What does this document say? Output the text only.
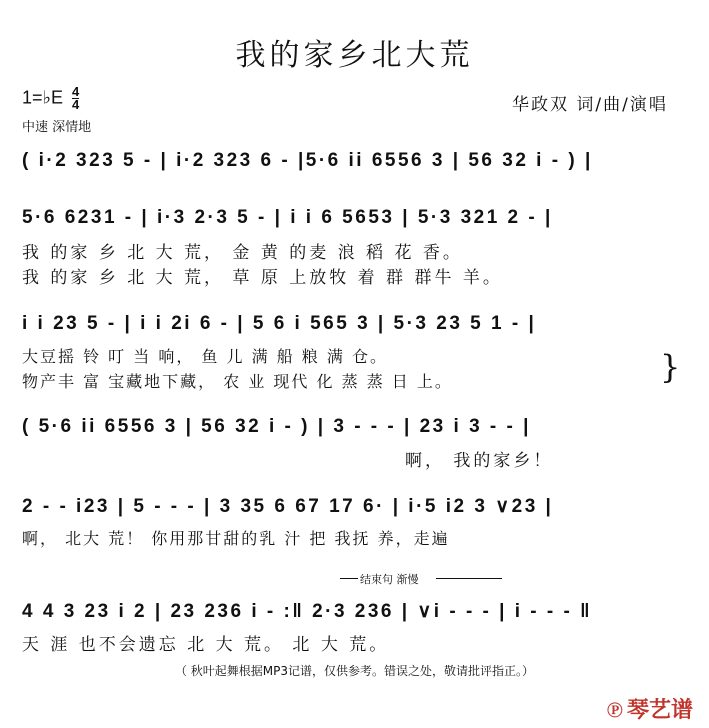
我的家乡北大荒
1=♭E $\frac{4}{4}$
中速 深情地
华政双 词/曲/演唱
( i·2 323 5 - | i·2 323 6 - |5·6 ii 6556 3 | 56 32 i - ) |
5·6 6231 - | i·3 2·3 5 - | i i 6 5653 | 5·3 321 2 - |
我 的家 乡 北 大 荒， 金 黄 的麦 浪 稻 花 香。
我 的家 乡 北 大 荒， 草 原 上放牧 着 群 群牛 羊。
i i 23 5 - | i i 2i 6 - | 5 6 i 565 3 | 5·3 23 5 1 - |
大豆摇 铃 叮 当 响， 鱼 儿 满 船 粮 满 仓。
物产丰 富 宝藏地下藏， 农 业 现代 化 蒸 蒸 日 上。	}
( 5·6 ii 6556 3 | 56 32 i - ) | 3 - - - | 23 i 3 - - |
啊， 我的家乡！
2 - - i23 | 5 - - - | 3 35 6 67 17 6· | i·5 i2 3 ∨23 |
啊， 北大 荒！ 你用那甘甜的乳 汁 把 我抚 养，走遍
结束句 渐慢
4 4 3 23 i 2 | 23 236 i - :‖ 2·3 236 | ∨i - - - | i - - - ‖
天 涯 也不会遗忘 北 大 荒。 北 大 荒。
（ 秋叶起舞根据MP3记谱，仅供参考。错误之处，敬请批评指正。）
℗ 琴艺谱
